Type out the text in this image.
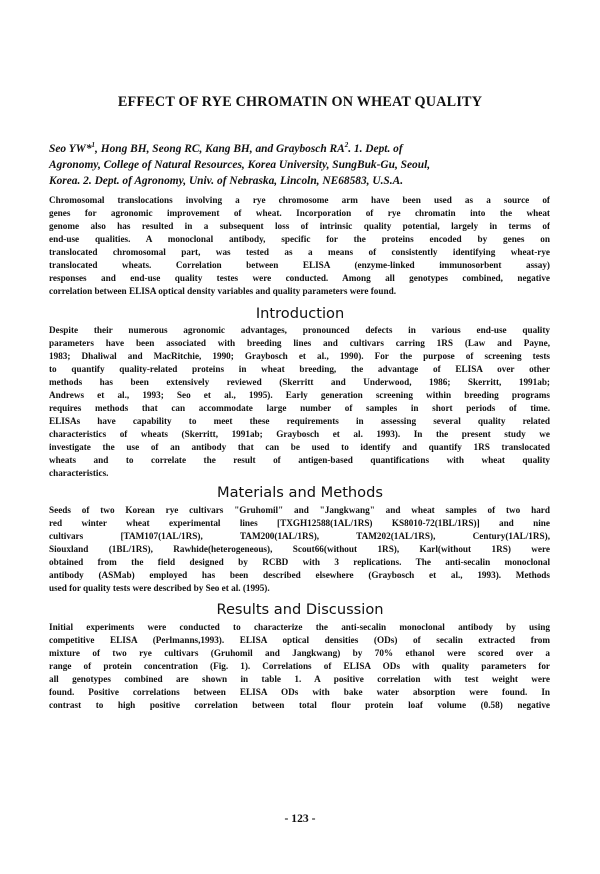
EFFECT OF RYE CHROMATIN ON WHEAT QUALITY
Seo YW*$^1$, Hong BH, Seong RC, Kang BH, and Graybosch $RA^2$. 1. Dept. of
Agronomy, College of Natural Resources, Korea University, SungBuk-Gu, Seoul,
Korea. 2. Dept. of Agronomy, Univ. of Nebraska, Lincoln, NE68583, U.S.A.
Chromosomal translocations involving a rye chromosome arm have been used as a source of
genes for agronomic improvement of wheat. Incorporation of rye chromatin into the wheat
genome also has resulted in a subsequent loss of intrinsic quality potential, largely in terms of
end-use qualities. A monoclonal antibody, specific for the proteins encoded by genes on
translocated chromosomal part, was tested as a means of consistently identifying wheat-rye
translocated wheats. Correlation between ELISA (enzyme-linked immunosorbent assay)
responses and end-use quality testes were conducted. Among all genotypes combined, negative
correlation between ELISA optical density variables and quality parameters were found.
Introduction
Despite their numerous agronomic advantages, pronounced defects in various end-use quality
parameters have been associated with breeding lines and cultivars carring 1RS (Law and Payne,
1983; Dhaliwal and MacRitchie, 1990; Graybosch et al., 1990). For the purpose of screening tests
to quantify quality-related proteins in wheat breeding, the advantage of ELISA over other
methods has been extensively reviewed (Skerritt and Underwood, 1986; Skerritt, 1991ab;
Andrews et al., 1993; Seo et al., 1995). Early generation screening within breeding programs
requires methods that can accommodate large number of samples in short periods of time.
ELISAs have capability to meet these requirements in assessing several quality related
characteristics of wheats (Skerritt, 1991ab; Graybosch et al. 1993). In the present study we
investigate the use of an antibody that can be used to identify and quantify 1RS translocated
wheats and to correlate the result of antigen-based quantifications with wheat quality
characteristics.
Materials and Methods
Seeds of two Korean rye cultivars "Gruhomil" and "Jangkwang" and wheat samples of two hard
red winter wheat experimental lines [TXGH12588(1AL/1RS) KS8010-72(1BL/1RS)] and nine
cultivars [TAM107(1AL/1RS), TAM200(1AL/1RS), TAM202(1AL/1RS), Century(1AL/1RS),
Siouxland (1BL/1RS), Rawhide(heterogeneous), Scout66(without 1RS), Karl(without 1RS) were
obtained from the field designed by RCBD with 3 replications. The anti-secalin monoclonal
antibody (ASMab) employed has been described elsewhere (Graybosch et al., 1993). Methods
used for quality tests were described by Seo et al. (1995).
Results and Discussion
Initial experiments were conducted to characterize the anti-secalin monoclonal antibody by using
competitive ELISA (Perlmanns,1993). ELISA optical densities (ODs) of secalin extracted from
mixture of two rye cultivars (Gruhomil and Jangkwang) by 70% ethanol were scored over a
range of protein concentration (Fig. 1). Correlations of ELISA ODs with quality parameters for
all genotypes combined are shown in table 1. A positive correlation with test weight were
found. Positive correlations between ELISA ODs with bake water absorption were found. In
contrast to high positive correlation between total flour protein loaf volume (0.58) negative
- 123 -
